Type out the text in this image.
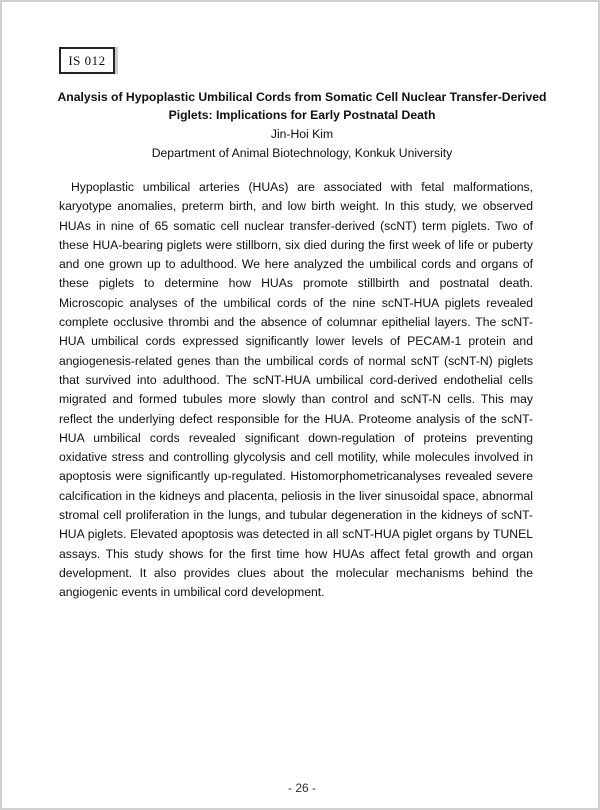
IS 012
Analysis of Hypoplastic Umbilical Cords from Somatic Cell Nuclear Transfer-Derived Piglets: Implications for Early Postnatal Death
Jin-Hoi Kim
Department of Animal Biotechnology, Konkuk University
Hypoplastic umbilical arteries (HUAs) are associated with fetal malformations, karyotype anomalies, preterm birth, and low birth weight. In this study, we observed HUAs in nine of 65 somatic cell nuclear transfer-derived (scNT) term piglets. Two of these HUA-bearing piglets were stillborn, six died during the first week of life or puberty and one grown up to adulthood. We here analyzed the umbilical cords and organs of these piglets to determine how HUAs promote stillbirth and postnatal death. Microscopic analyses of the umbilical cords of the nine scNT-HUA piglets revealed complete occlusive thrombi and the absence of columnar epithelial layers. The scNT-HUA umbilical cords expressed significantly lower levels of PECAM-1 protein and angiogenesis-related genes than the umbilical cords of normal scNT (scNT-N) piglets that survived into adulthood. The scNT-HUA umbilical cord-derived endothelial cells migrated and formed tubules more slowly than control and scNT-N cells. This may reflect the underlying defect responsible for the HUA. Proteome analysis of the scNT-HUA umbilical cords revealed significant down-regulation of proteins preventing oxidative stress and controlling glycolysis and cell motility, while molecules involved in apoptosis were significantly up-regulated. Histomorphometricanalyses revealed severe calcification in the kidneys and placenta, peliosis in the liver sinusoidal space, abnormal stromal cell proliferation in the lungs, and tubular degeneration in the kidneys of scNT-HUA piglets. Elevated apoptosis was detected in all scNT-HUA piglet organs by TUNEL assays. This study shows for the first time how HUAs affect fetal growth and organ development. It also provides clues about the molecular mechanisms behind the angiogenic events in umbilical cord development.
- 26 -
